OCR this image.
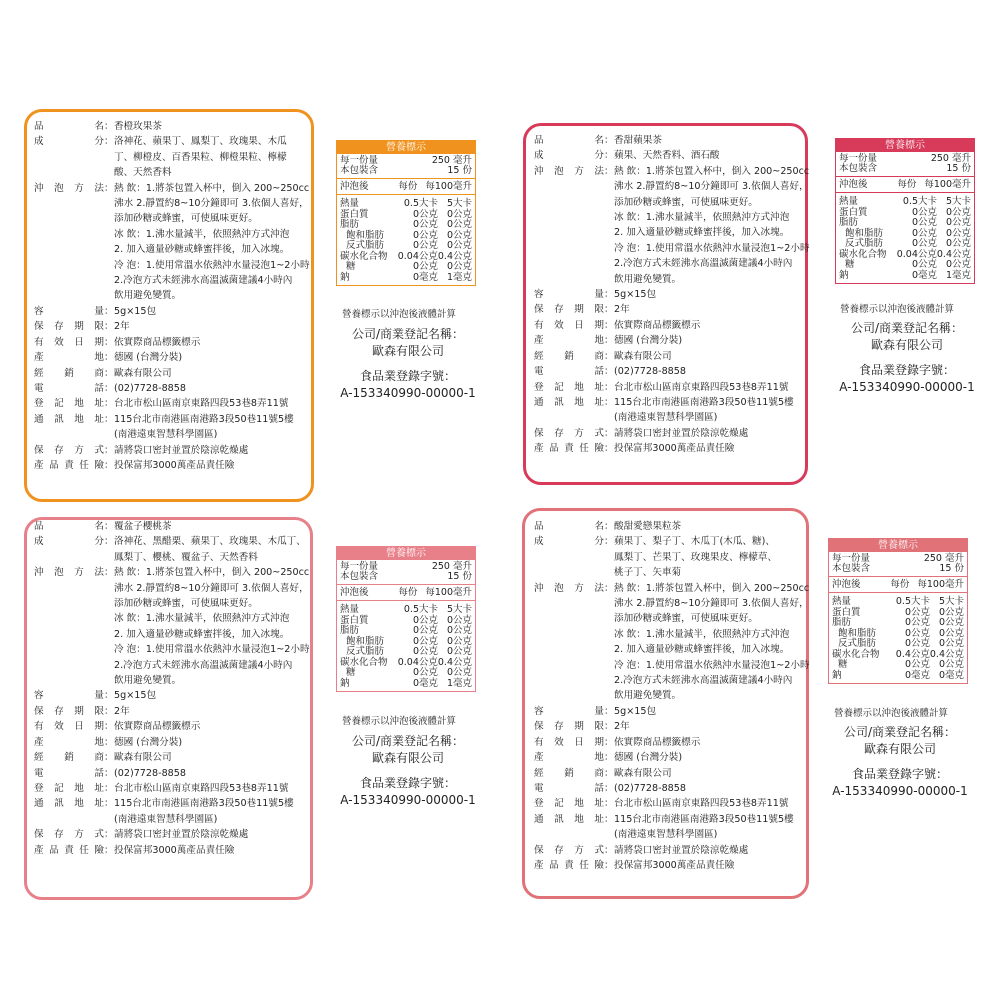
品名 ： 香橙玫果茶
成分 ： 洛神花、蘋果丁、鳳梨丁、玫瑰果、木瓜
丁、柳橙皮、百香果粒、柳橙果粒、檸檬
酸、天然香料
沖泡方法 ： 熱 飲：1.將茶包置入杯中，倒入 200~250cc
沸水 2.靜置約8~10分鐘即可 3.依個人喜好，
添加砂糖或蜂蜜，可使風味更好。
冰 飲：1.沸水量減半，依照熱沖方式沖泡
2. 加入適量砂糖或蜂蜜拌後，加入冰塊。
冷 泡：1.使用常溫水依熱沖水量浸泡1~2小時
2.冷泡方式未經沸水高溫滅菌建議4小時內
飲用避免變質。
容量 ： 5g×15包
保存期限 ： 2年
有效日期 ： 依實際商品標籤標示
產地 ： 德國 (台灣分裝)
經銷商 ： 歐森有限公司
電話 ： (02)7728-8858
登記地址 ： 台北市松山區南京東路四段53巷8弄11號
通訊地址 ： 115台北市南港區南港路3段50巷11號5樓
(南港遠東智慧科學園區)
保存方式 ： 請將袋口密封並置於陰涼乾燥處
產品責任險 ： 投保富邦3000萬產品責任險
品名 ： 香甜蘋果茶
成分 ： 蘋果、天然香料、酒石酸
沖泡方法 ： 熱 飲：1.將茶包置入杯中，倒入 200~250cc
沸水 2.靜置約8~10分鐘即可 3.依個人喜好，
添加砂糖或蜂蜜，可使風味更好。
冰 飲：1.沸水量減半，依照熱沖方式沖泡
2. 加入適量砂糖或蜂蜜拌後，加入冰塊。
冷 泡：1.使用常溫水依熱沖水量浸泡1~2小時
2.冷泡方式未經沸水高溫滅菌建議4小時內
飲用避免變質。
容量 ： 5g×15包
保存期限 ： 2年
有效日期 ： 依實際商品標籤標示
產地 ： 德國 (台灣分裝)
經銷商 ： 歐森有限公司
電話 ： (02)7728-8858
登記地址 ： 台北市松山區南京東路四段53巷8弄11號
通訊地址 ： 115台北市南港區南港路3段50巷11號5樓
(南港遠東智慧科學園區)
保存方式 ： 請將袋口密封並置於陰涼乾燥處
產品責任險 ： 投保富邦3000萬產品責任險
品名 ： 覆盆子櫻桃茶
成分 ： 洛神花、黑醋栗、蘋果丁、玫瑰果、木瓜丁、
鳳梨丁、櫻桃、覆盆子、天然香料
沖泡方法 ： 熱 飲：1.將茶包置入杯中，倒入 200~250cc
沸水 2.靜置約8~10分鐘即可 3.依個人喜好，
添加砂糖或蜂蜜，可使風味更好。
冰 飲：1.沸水量減半，依照熱沖方式沖泡
2. 加入適量砂糖或蜂蜜拌後，加入冰塊。
冷 泡：1.使用常溫水依熱沖水量浸泡1~2小時
2.冷泡方式未經沸水高溫滅菌建議4小時內
飲用避免變質。
容量 ： 5g×15包
保存期限 ： 2年
有效日期 ： 依實際商品標籤標示
產地 ： 德國 (台灣分裝)
經銷商 ： 歐森有限公司
電話 ： (02)7728-8858
登記地址 ： 台北市松山區南京東路四段53巷8弄11號
通訊地址 ： 115台北市南港區南港路3段50巷11號5樓
(南港遠東智慧科學園區)
保存方式 ： 請將袋口密封並置於陰涼乾燥處
產品責任險 ： 投保富邦3000萬產品責任險
品名 ： 酸甜愛戀果粒茶
成分 ： 蘋果丁、梨子丁、木瓜丁(木瓜、糖)、
鳳梨丁、芒果丁、玫瑰果皮、檸檬草、
桃子丁、矢車菊
沖泡方法 ： 熱 飲：1.將茶包置入杯中，倒入 200~250cc
沸水 2.靜置約8~10分鐘即可 3.依個人喜好，
添加砂糖或蜂蜜，可使風味更好。
冰 飲：1.沸水量減半，依照熱沖方式沖泡
2. 加入適量砂糖或蜂蜜拌後，加入冰塊。
冷 泡：1.使用常溫水依熱沖水量浸泡1~2小時
2.冷泡方式未經沸水高溫滅菌建議4小時內
飲用避免變質。
容量 ： 5g×15包
保存期限 ： 2年
有效日期 ： 依實際商品標籤標示
產地 ： 德國 (台灣分裝)
經銷商 ： 歐森有限公司
電話 ： (02)7728-8858
登記地址 ： 台北市松山區南京東路四段53巷8弄11號
通訊地址 ： 115台北市南港區南港路3段50巷11號5樓
(南港遠東智慧科學園區)
保存方式 ： 請將袋口密封並置於陰涼乾燥處
產品責任險 ： 投保富邦3000萬產品責任險
營養標示
每一份量
本包裝含
250 毫升
15 份
沖泡後	每份 每100毫升
熱量	0.5大卡 5大卡
蛋白質	0公克 0公克
脂肪	0公克 0公克
飽和脂肪	0公克 0公克
反式脂肪	0公克 0公克
碳水化合物	0.04公克 0.4公克
糖	0公克 0公克
鈉	0毫克 1毫克
營養標示
每一份量
本包裝含
250 毫升
15 份
沖泡後	每份 每100毫升
熱量	0.5大卡 5大卡
蛋白質	0公克 0公克
脂肪	0公克 0公克
飽和脂肪	0公克 0公克
反式脂肪	0公克 0公克
碳水化合物	0.04公克 0.4公克
糖	0公克 0公克
鈉	0毫克 1毫克
營養標示
每一份量
本包裝含
250 毫升
15 份
沖泡後	每份 每100毫升
熱量	0.5大卡 5大卡
蛋白質	0公克 0公克
脂肪	0公克 0公克
飽和脂肪	0公克 0公克
反式脂肪	0公克 0公克
碳水化合物	0.04公克 0.4公克
糖	0公克 0公克
鈉	0毫克 1毫克
營養標示
每一份量
本包裝含
250 毫升
15 份
沖泡後	每份 每100毫升
熱量	0.5大卡 5大卡
蛋白質	0公克 0公克
脂肪	0公克 0公克
飽和脂肪	0公克 0公克
反式脂肪	0公克 0公克
碳水化合物	0.4公克 0.4公克
糖	0公克 0公克
鈉	0毫克 0毫克
營養標示以沖泡後液體計算	營養標示以沖泡後液體計算
營養標示以沖泡後液體計算
營養標示以沖泡後液體計算
公司/商業登記名稱：
歐森有限公司
食品業登錄字號：
A-153340990-00000-1
公司/商業登記名稱：
歐森有限公司
食品業登錄字號：
A-153340990-00000-1
公司/商業登記名稱：
歐森有限公司
食品業登錄字號：
A-153340990-00000-1
公司/商業登記名稱：
歐森有限公司
食品業登錄字號：
A-153340990-00000-1
